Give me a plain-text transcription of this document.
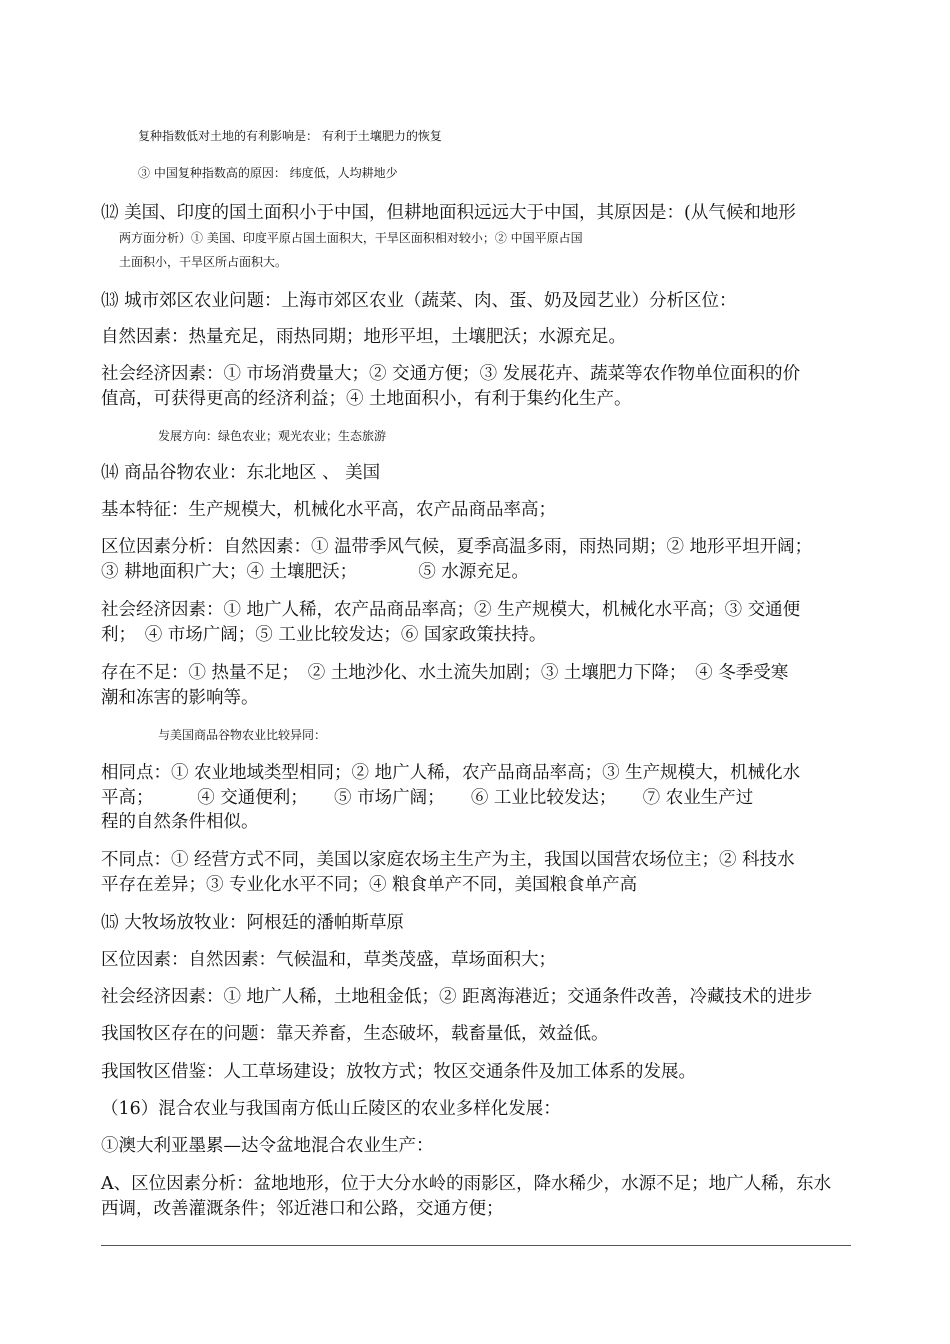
复种指数低对土地的有利影响是： 有利于土壤肥力的恢复
③ 中国复种指数高的原因： 纬度低，人均耕地少
⑿ 美国、印度的国土面积小于中国，但耕地面积远远大于中国，其原因是：(从气候和地形
两方面分析）① 美国、印度平原占国土面积大，干旱区面积相对较小；② 中国平原占国
土面积小，干旱区所占面积大。
⒀ 城市郊区农业问题：上海市郊区农业（蔬菜、肉、蛋、奶及园艺业）分析区位：
自然因素：热量充足，雨热同期；地形平坦，土壤肥沃；水源充足。
社会经济因素：① 市场消费量大；② 交通方便；③ 发展花卉、蔬菜等农作物单位面积的价
值高，可获得更高的经济利益；④ 土地面积小，有利于集约化生产。
发展方向：绿色农业；观光农业；生态旅游
⒁ 商品谷物农业：东北地区 、 美国
基本特征：生产规模大，机械化水平高，农产品商品率高；
区位因素分析：自然因素：① 温带季风气候，夏季高温多雨，雨热同期；② 地形平坦开阔；
③ 耕地面积广大；④ 土壤肥沃；　　　　⑤ 水源充足。
社会经济因素：① 地广人稀，农产品商品率高；② 生产规模大，机械化水平高；③ 交通便
利；　④ 市场广阔；⑤ 工业比较发达；⑥ 国家政策扶持。
存在不足：① 热量不足；　② 土地沙化、水土流失加剧；③ 土壤肥力下降；　④ 冬季受寒
潮和冻害的影响等。
与美国商品谷物农业比较异同：
相同点：① 农业地域类型相同；② 地广人稀，农产品商品率高；③ 生产规模大，机械化水
平高；　　　④ 交通便利；　　⑤ 市场广阔；　　⑥ 工业比较发达；　　⑦ 农业生产过
程的自然条件相似。
不同点：① 经营方式不同，美国以家庭农场主生产为主，我国以国营农场位主；② 科技水
平存在差异；③ 专业化水平不同；④ 粮食单产不同，美国粮食单产高
⒂ 大牧场放牧业：阿根廷的潘帕斯草原
区位因素：自然因素：气候温和，草类茂盛，草场面积大；
社会经济因素：① 地广人稀，土地租金低；② 距离海港近；交通条件改善，冷藏技术的进步
我国牧区存在的问题：靠天养畜，生态破坏，载畜量低，效益低。
我国牧区借鉴：人工草场建设；放牧方式；牧区交通条件及加工体系的发展。
（16）混合农业与我国南方低山丘陵区的农业多样化发展：
①澳大利亚墨累—达令盆地混合农业生产：
A、区位因素分析：盆地地形，位于大分水岭的雨影区，降水稀少，水源不足；地广人稀，东水
西调，改善灌溉条件；邻近港口和公路，交通方便；
